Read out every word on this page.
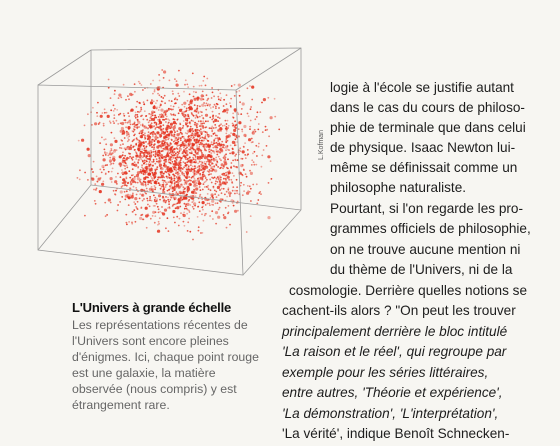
L.Kofman
L'Univers à grande échelle
Les représentations récentes de
l'Univers sont encore pleines
d'énigmes. Ici, chaque point rouge
est une galaxie, la matière
observée (nous compris) y est
étrangement rare.
logie à l'école se justifie autant
dans le cas du cours de philoso-
phie de terminale que dans celui
de physique. Isaac Newton lui-
même se définissait comme un
philosophe naturaliste.
Pourtant, si l'on regarde les pro-
grammes officiels de philosophie,
on ne trouve aucune mention ni
du thème de l'Univers, ni de la
cosmologie. Derrière quelles notions se
cachent-ils alors ? "On peut les trouver
principalement derrière le bloc intitulé
'La raison et le réel', qui regroupe par
exemple pour les séries littéraires,
entre autres, 'Théorie et expérience',
'La démonstration', 'L'interprétation',
'La vérité', indique Benoît Schnecken-
